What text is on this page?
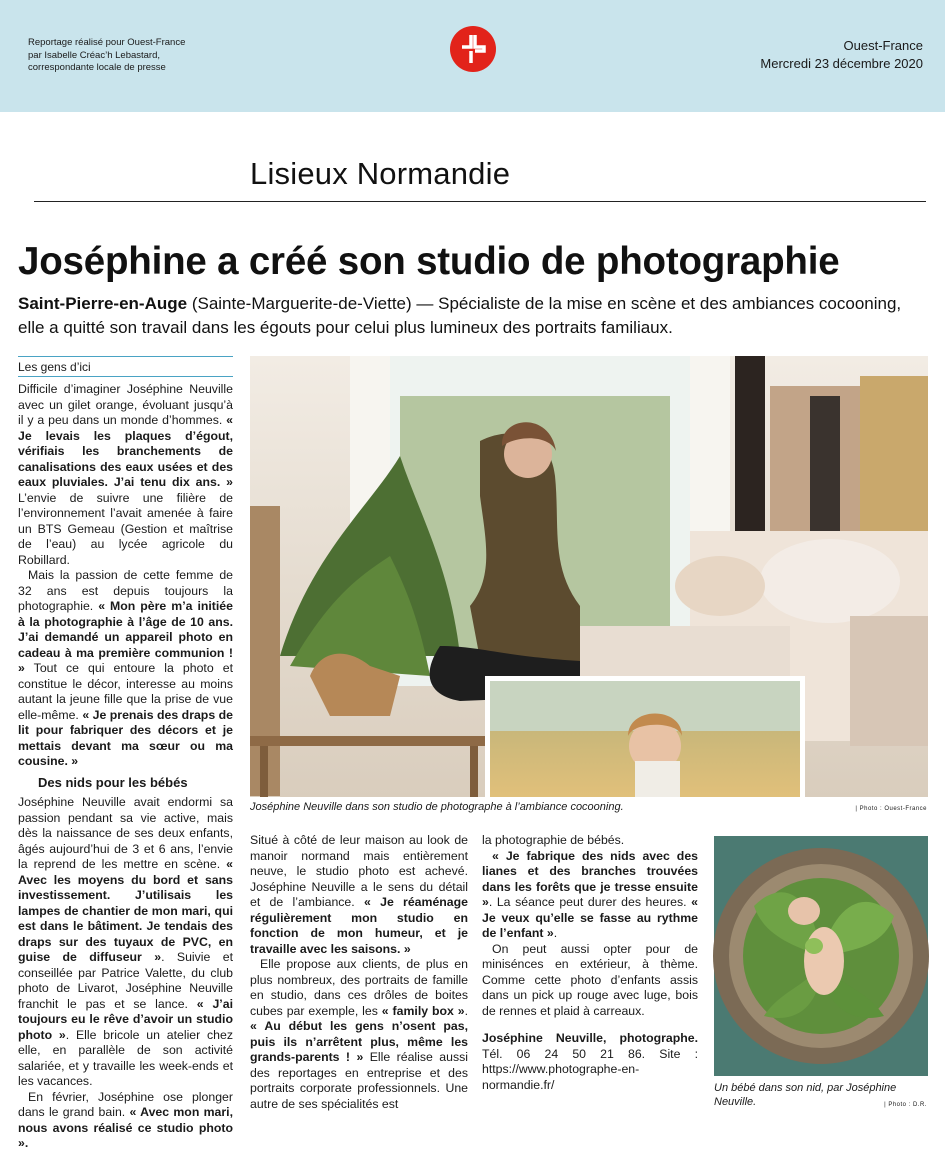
Reportage réalisé pour Ouest-France
par Isabelle Créac’h Lebastard,
correspondante locale de presse
Ouest-France
Mercredi 23 décembre 2020
Lisieux Normandie
Joséphine a créé son studio de photographie
Saint-Pierre-en-Auge (Sainte-Marguerite-de-Viette) — Spécialiste de la mise en scène et des ambiances cocooning, elle a quitté son travail dans les égouts pour celui plus lumineux des portraits familiaux.
Les gens d’ici

Difficile d’imaginer Joséphine Neuville avec un gilet orange, évoluant jusqu’à il y a peu dans un monde d’hommes. « Je levais les plaques d’égout, vérifiais les branchements de canalisations des eaux usées et des eaux pluviales. J’ai tenu dix ans. » L’envie de suivre une filière de l’environnement l’avait amenée à faire un BTS Gemeau (Gestion et maîtrise de l’eau) au lycée agricole du Robillard.

Mais la passion de cette femme de 32 ans est depuis toujours la photographie. « Mon père m’a initiée à la photographie à l’âge de 10 ans. J’ai demandé un appareil photo en cadeau à ma première communion ! » Tout ce qui entoure la photo et constitue le décor, interesse au moins autant la jeune fille que la prise de vue elle-même. « Je prenais des draps de lit pour fabriquer des décors et je mettais devant ma sœur ou ma cousine. »

Des nids pour les bébés

Joséphine Neuville avait endormi sa passion pendant sa vie active, mais dès la naissance de ses deux enfants, âgés aujourd’hui de 3 et 6 ans, l’envie la reprend de les mettre en scène. « Avec les moyens du bord et sans investissement. J’utilisais les lampes de chantier de mon mari, qui est dans le bâtiment. Je tendais des draps sur des tuyaux de PVC, en guise de diffuseur ». Suivie et conseillée par Patrice Valette, du club photo de Livarot, Joséphine Neuville franchit le pas et se lance. « J’ai toujours eu le rêve d’avoir un studio photo ». Elle bricole un atelier chez elle, en parallèle de son activité salariée, et y travaille les week-ends et les vacances.

En février, Joséphine ose plonger dans le grand bain. « Avec mon mari, nous avons réalisé ce studio photo ».

Joséphine Neuville dans son studio de photographe à l’ambiance cocooning.	| Photo : Ouest-France

Situé à côté de leur maison au look de manoir normand mais entièrement neuve, le studio photo est achevé. Joséphine Neuville a le sens du détail et de l’ambiance. « Je réaménage régulièrement mon studio en fonction de mon humeur, et je travaille avec les saisons. »

Elle propose aux clients, de plus en plus nombreux, des portraits de famille en studio, dans ces drôles de boites cubes par exemple, les « family box ». « Au début les gens n’osent pas, puis ils n’arrêtent plus, même les grands-parents ! » Elle réalise aussi des reportages en entreprise et des portraits corporate professionnels. Une autre de ses spécialités est

la photographie de bébés.

« Je fabrique des nids avec des lianes et des branches trouvées dans les forêts que je tresse ensuite ». La séance peut durer des heures. « Je veux qu’elle se fasse au rythme de l’enfant ».

On peut aussi opter pour de minisénces en extérieur, à thème. Comme cette photo d’enfants assis dans un pick up rouge avec luge, bois de rennes et plaid à carreaux.

Joséphine Neuville, photographe. Tél. 06 24 50 21 86. Site : https://www.photographe-en-normandie.fr/	Un bébé dans son nid, par Joséphine Neuville.	| Photo : D.R.
